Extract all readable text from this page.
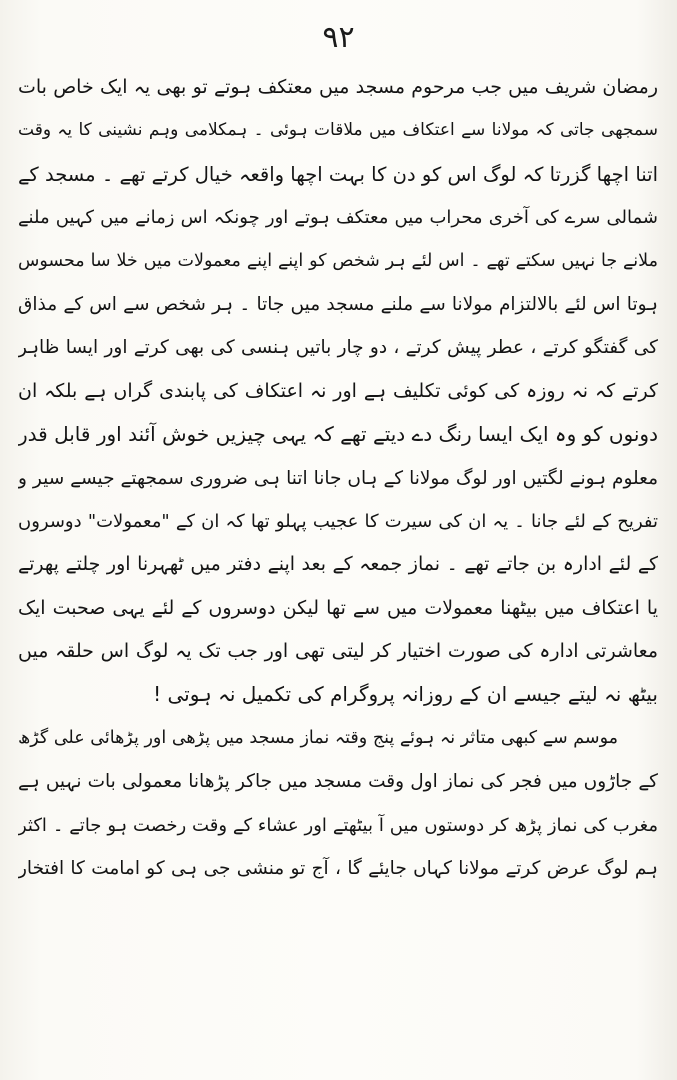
۹۲
رمضان شریف میں جب مرحوم مسجد میں معتکف ہوتے تو بھی یہ ایک خاص بات
سمجھی جاتی کہ مولانا سے اعتکاف میں ملاقات ہوئی ۔ ہمکلامی وہم نشینی کا یہ وقت
اتنا اچھا گزرتا کہ لوگ اس کو دن کا بہت اچھا واقعہ خیال کرتے تھے ۔ مسجد کے
شمالی سرے کی آخری محراب میں معتکف ہوتے اور چونکہ اس زمانے میں کہیں ملنے
ملانے جا نہیں سکتے تھے ۔ اس لئے ہر شخص کو اپنے اپنے معمولات میں خلا سا محسوس
ہوتا اس لئے بالالتزام مولانا سے ملنے مسجد میں جاتا ۔ ہر شخص سے اس کے مذاق
کی گفتگو کرتے ، عطر پیش کرتے ، دو چار باتیں ہنسی کی بھی کرتے اور ایسا ظاہر
کرتے کہ نہ روزہ کی کوئی تکلیف ہے اور نہ اعتکاف کی پابندی گراں ہے بلکہ ان
دونوں کو وہ ایک ایسا رنگ دے دیتے تھے کہ یہی چیزیں خوش آئند اور قابل قدر
معلوم ہونے لگتیں اور لوگ مولانا کے ہاں جانا اتنا ہی ضروری سمجھتے جیسے سیر و
تفریح کے لئے جانا ۔ یہ ان کی سیرت کا عجیب پہلو تھا کہ ان کے "معمولات" دوسروں
کے لئے ادارہ بن جاتے تھے ۔ نماز جمعہ کے بعد اپنے دفتر میں ٹھہرنا اور چلتے پھرتے
یا اعتکاف میں بیٹھنا معمولات میں سے تھا لیکن دوسروں کے لئے یہی صحبت ایک
معاشرتی ادارہ کی صورت اختیار کر لیتی تھی اور جب تک یہ لوگ اس حلقہ میں
بیٹھ نہ لیتے جیسے ان کے روزانہ پروگرام کی تکمیل نہ ہوتی !
موسم سے کبھی متاثر نہ ہوئے پنج وقتہ نماز مسجد میں پڑھی اور پڑھائی علی گڑھ
کے جاڑوں میں فجر کی نماز اول وقت مسجد میں جاکر پڑھانا معمولی بات نہیں ہے
مغرب کی نماز پڑھ کر دوستوں میں آ بیٹھتے اور عشاء کے وقت رخصت ہو جاتے ۔ اکثر
ہم لوگ عرض کرتے مولانا کہاں جایئے گا ، آج تو منشی جی ہی کو امامت کا افتخار
